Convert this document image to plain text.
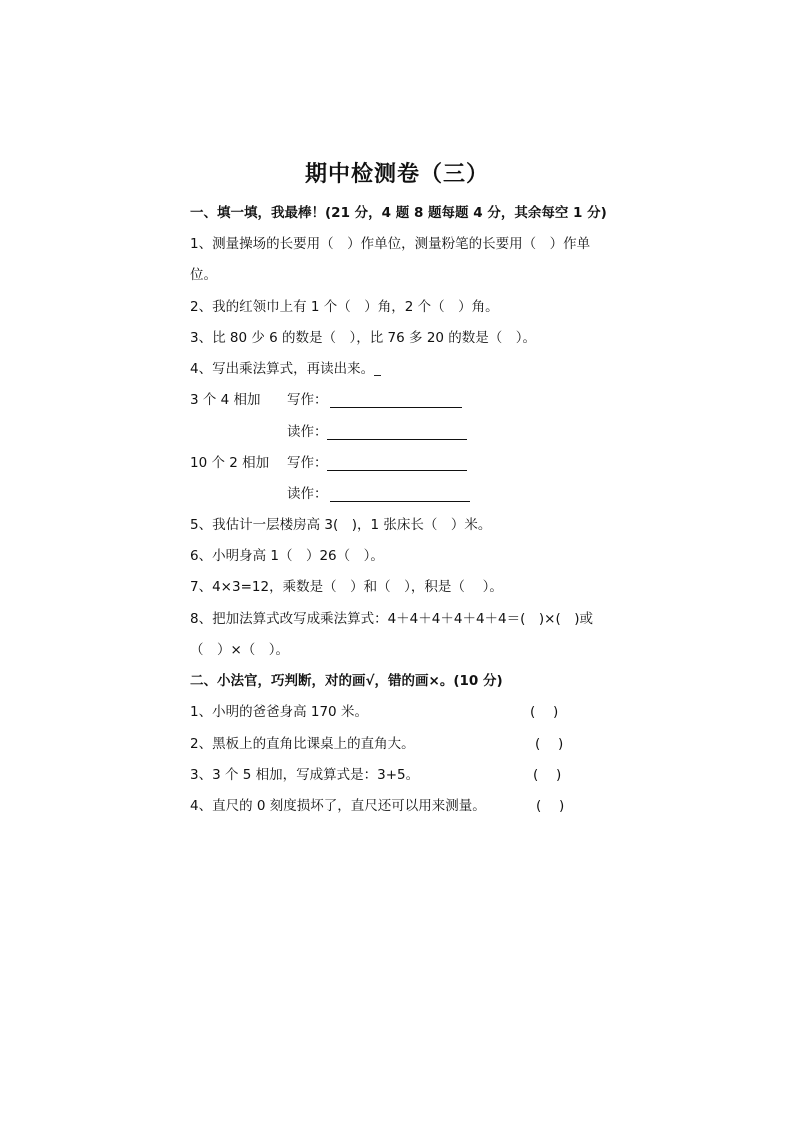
期中检测卷（三）
一、填一填，我最棒！(21 分，4 题 8 题每题 4 分，其余每空 1 分)
1、测量操场的长要用（　）作单位，测量粉笔的长要用（　）作单
位。
2、我的红领巾上有 1 个（　）角，2 个（　）角。
3、比 80 少 6 的数是（　），比 76 多 20 的数是（　）。
4、写出乘法算式，再读出来。_
3 个 4 相加 写作：
读作：
10 个 2 相加 写作：
读作：
5、我估计一层楼房高 3(　)，1 张床长（　）米。
6、小明身高 1（　）26（　）。
7、4×3=12，乘数是（　）和（　），积是（　 ）。
8、把加法算式改写成乘法算式：4＋4＋4＋4＋4＋4＝(　)×(　)或
（　）×（　）。
二、小法官，巧判断，对的画√，错的画×。(10 分)
1、小明的爸爸身高 170 米。	(　 )
2、黑板上的直角比课桌上的直角大。	(　 )
3、3 个 5 相加，写成算式是：3+5。	(　 )
4、直尺的 0 刻度损坏了，直尺还可以用来测量。	(　 )
